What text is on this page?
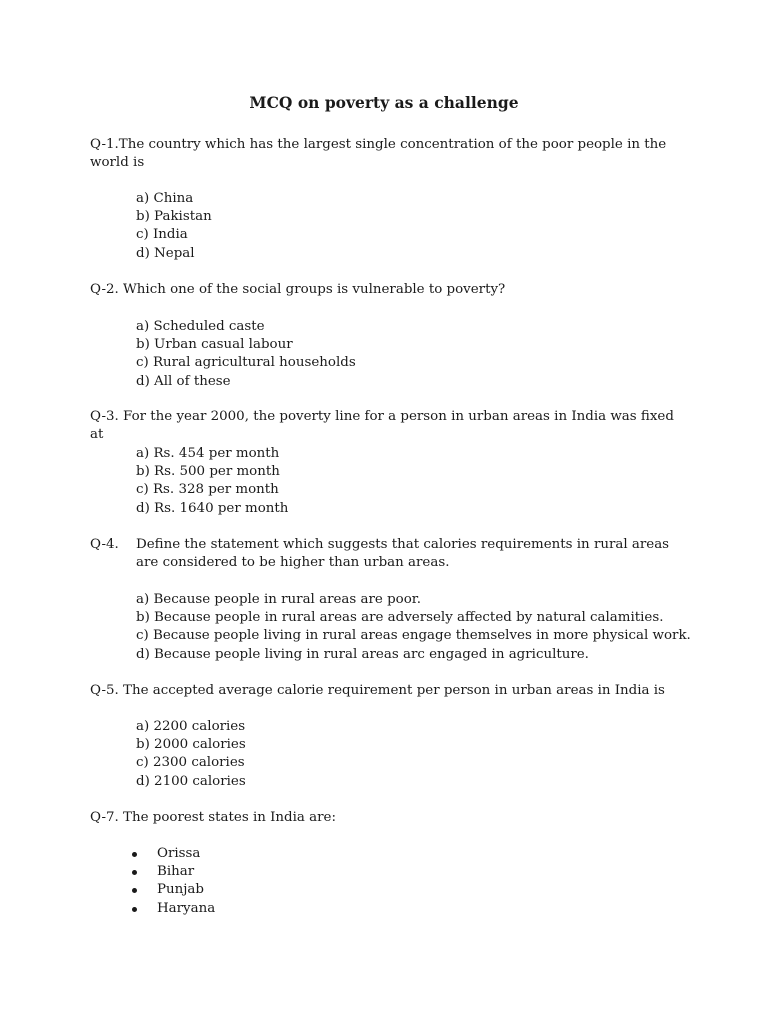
MCQ on poverty as a challenge
Q-1.The country which has the largest single concentration of the poor people in the world is
a) China
b) Pakistan
c) India
d) Nepal
Q-2. Which one of the social groups is vulnerable to poverty?
a) Scheduled caste
b) Urban casual labour
c) Rural agricultural households
d) All of these
Q-3. For the year 2000, the poverty line for a person in urban areas in India was fixed at
a) Rs. 454 per month
b) Rs. 500 per month
c) Rs. 328 per month
d) Rs. 1640 per month
Q-4. Define the statement which suggests that calories requirements in rural areas are considered to be higher than urban areas.
a) Because people in rural areas are poor.
b) Because people in rural areas are adversely affected by natural calamities.
c) Because people living in rural areas engage themselves in more physical work.
d) Because people living in rural areas arc engaged in agriculture.
Q-5. The accepted average calorie requirement per person in urban areas in India is
a) 2200 calories
b) 2000 calories
c) 2300 calories
d) 2100 calories
Q-7. The poorest states in India are:
Orissa
Bihar
Punjab
Haryana
